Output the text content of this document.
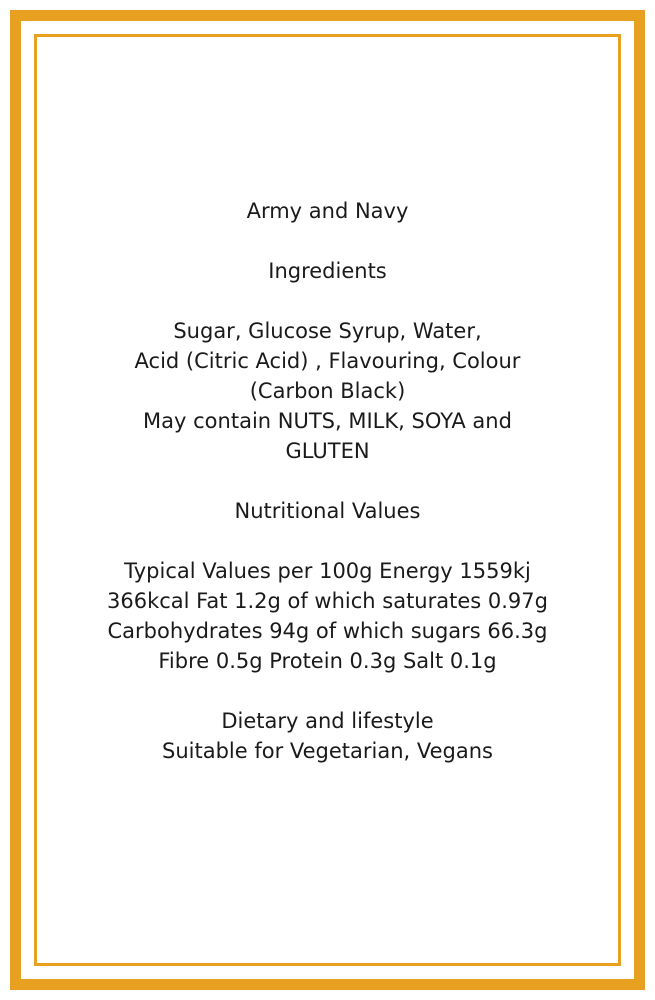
Army and Navy
Ingredients
Sugar, Glucose Syrup, Water,
Acid (Citric Acid) , Flavouring, Colour
(Carbon Black)
May contain NUTS, MILK, SOYA and
GLUTEN
Nutritional Values
Typical Values per 100g Energy 1559kj
366kcal Fat 1.2g of which saturates 0.97g
Carbohydrates 94g of which sugars 66.3g
Fibre 0.5g Protein 0.3g Salt 0.1g
Dietary and lifestyle
Suitable for Vegetarian, Vegans
